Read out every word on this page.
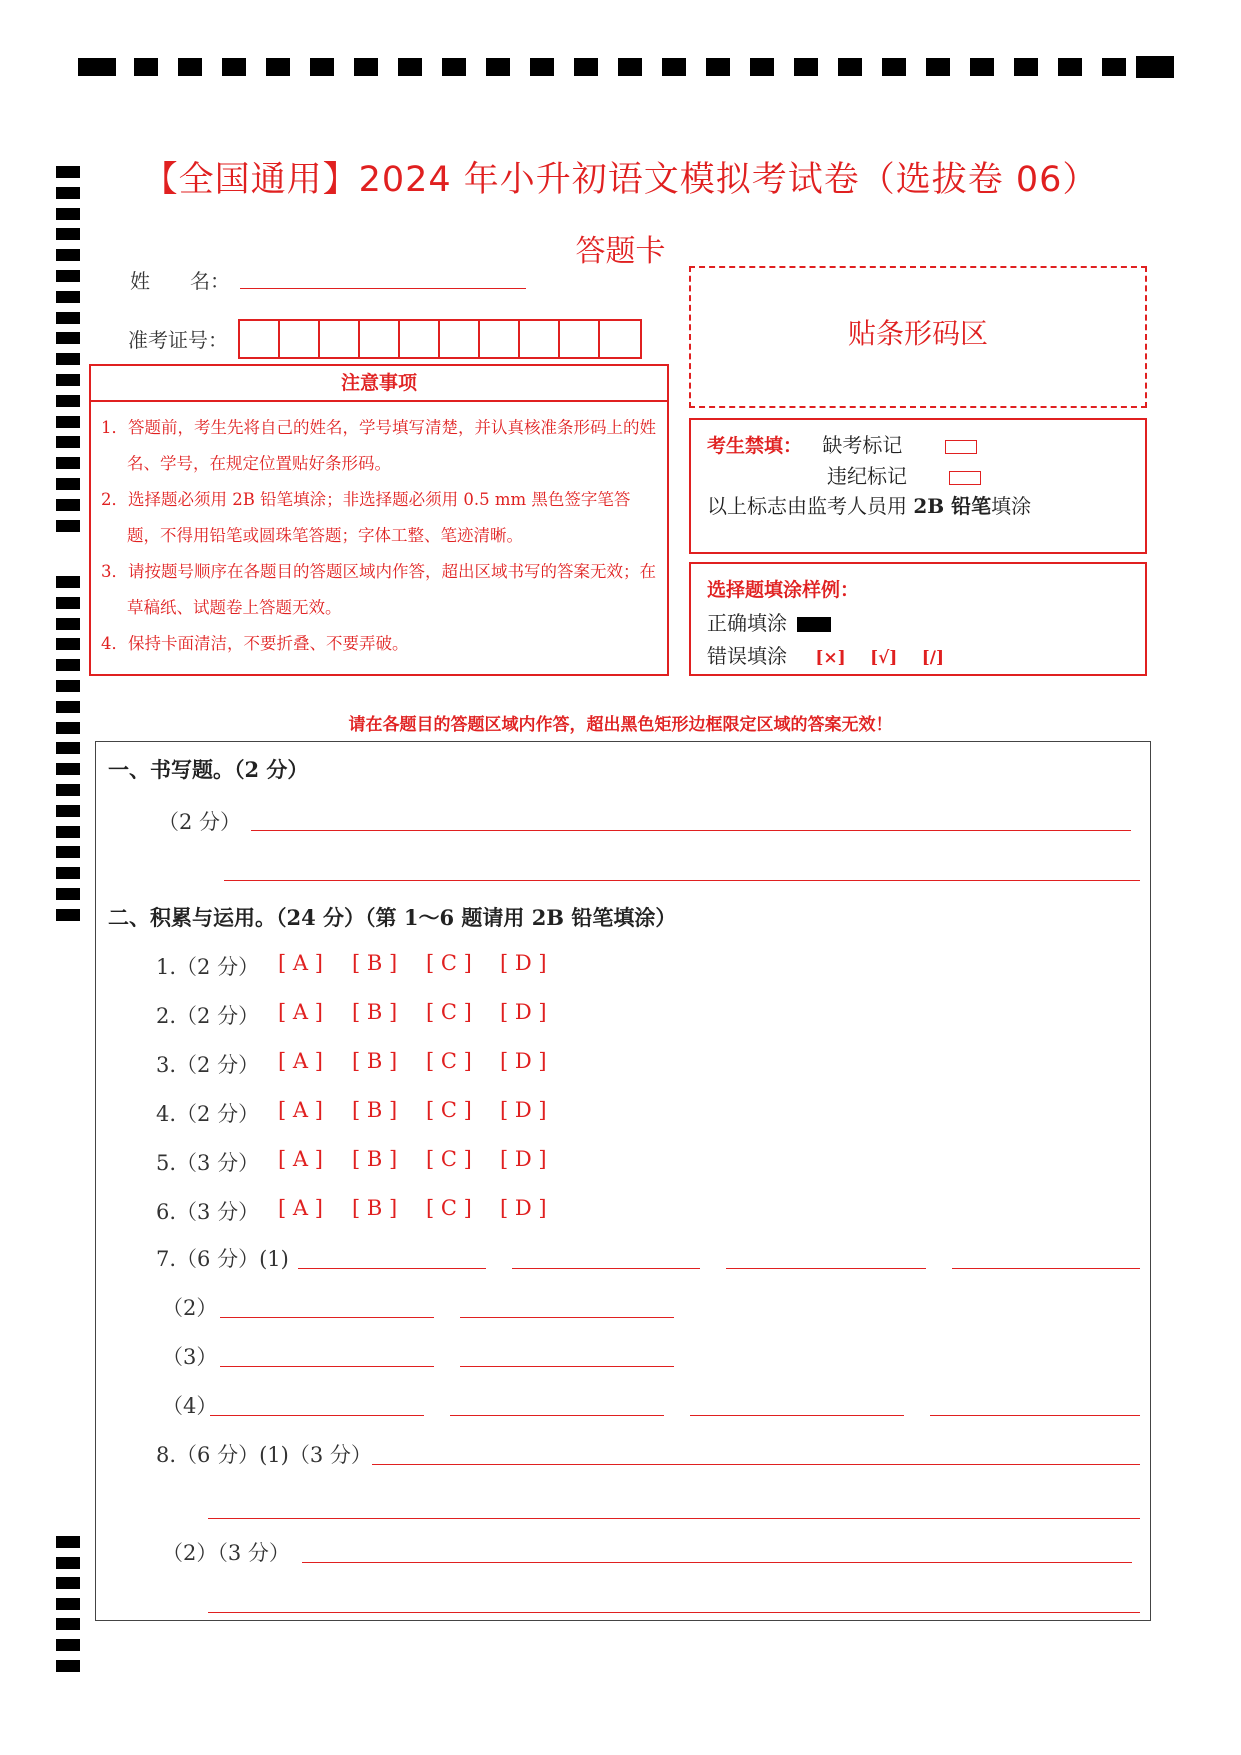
【全国通用】2024 年小升初语文模拟考试卷（选拔卷 06）
答题卡
姓　　名：
准考证号：
注意事项

1．答题前，考生先将自己的姓名，学号填写清楚，并认真核准条形码上的姓名、学号，在规定位置贴好条形码。

2．选择题必须用 2B 铅笔填涂；非选择题必须用 0.5 mm 黑色签字笔答题，不得用铅笔或圆珠笔答题；字体工整、笔迹清晰。

3．请按题号顺序在各题目的答题区域内作答，超出区域书写的答案无效；在草稿纸、试题卷上答题无效。

4．保持卡面清洁，不要折叠、不要弄破。

贴条形码区
考生禁填： 缺考标记
违纪标记
以上标志由监考人员用 2B 铅笔填涂
选择题填涂样例：
正确填涂
错误填涂 [×] [√] [/]
请在各题目的答题区域内作答，超出黑色矩形边框限定区域的答案无效！
一、书写题。（2 分）
（2 分）
二、积累与运用。（24 分）（第 1～6 题请用 2B 铅笔填涂）
1.（2 分） [ A ] [ B ] [ C ] [ D ]
2.（2 分） [ A ] [ B ] [ C ] [ D ]
3.（2 分） [ A ] [ B ] [ C ] [ D ]
4.（2 分） [ A ] [ B ] [ C ] [ D ]
5.（3 分） [ A ] [ B ] [ C ] [ D ]
6.（3 分） [ A ] [ B ] [ C ] [ D ]
7.（6 分）(1)
（2）
（3）
（4）
8.（6 分）(1)（3 分）
（2）（3 分）
